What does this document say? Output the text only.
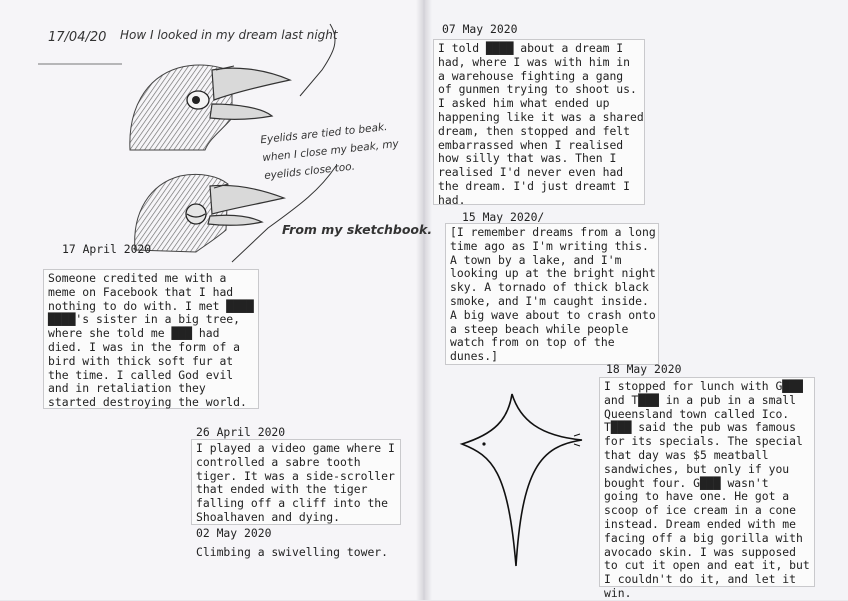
17/04/20 How I looked in my dream last night
Eyelids are tied to beak.
when I close my beak, my
eyelids close too.
From my sketchbook.
17 April 2020
Someone credited me with a
meme on Facebook that I had
nothing to do with. I met ████
████'s sister in a big tree,
where she told me ███ had
died. I was in the form of a
bird with thick soft fur at
the time. I called God evil
and in retaliation they
started destroying the world.
26 April 2020
I played a video game where I
controlled a sabre tooth
tiger. It was a side-scroller
that ended with the tiger
falling off a cliff into the
Shoalhaven and dying.
02 May 2020
Climbing a swivelling tower.
07 May 2020
I told ████ about a dream I
had, where I was with him in
a warehouse fighting a gang
of gunmen trying to shoot us.
I asked him what ended up
happening like it was a shared
dream, then stopped and felt
embarrassed when I realised
how silly that was. Then I
realised I'd never even had
the dream. I'd just dreamt I
had.
15 May 2020/
[I remember dreams from a long
time ago as I'm writing this.
A town by a lake, and I'm
looking up at the bright night
sky. A tornado of thick black
smoke, and I'm caught inside.
A big wave about to crash onto
a steep beach while people
watch from on top of the
dunes.]
18 May 2020
I stopped for lunch with G███
and T███ in a pub in a small
Queensland town called Ico.
T███ said the pub was famous
for its specials. The special
that day was $5 meatball
sandwiches, but only if you
bought four. G███ wasn't
going to have one. He got a
scoop of ice cream in a cone
instead. Dream ended with me
facing off a big gorilla with
avocado skin. I was supposed
to cut it open and eat it, but
I couldn't do it, and let it
win.
